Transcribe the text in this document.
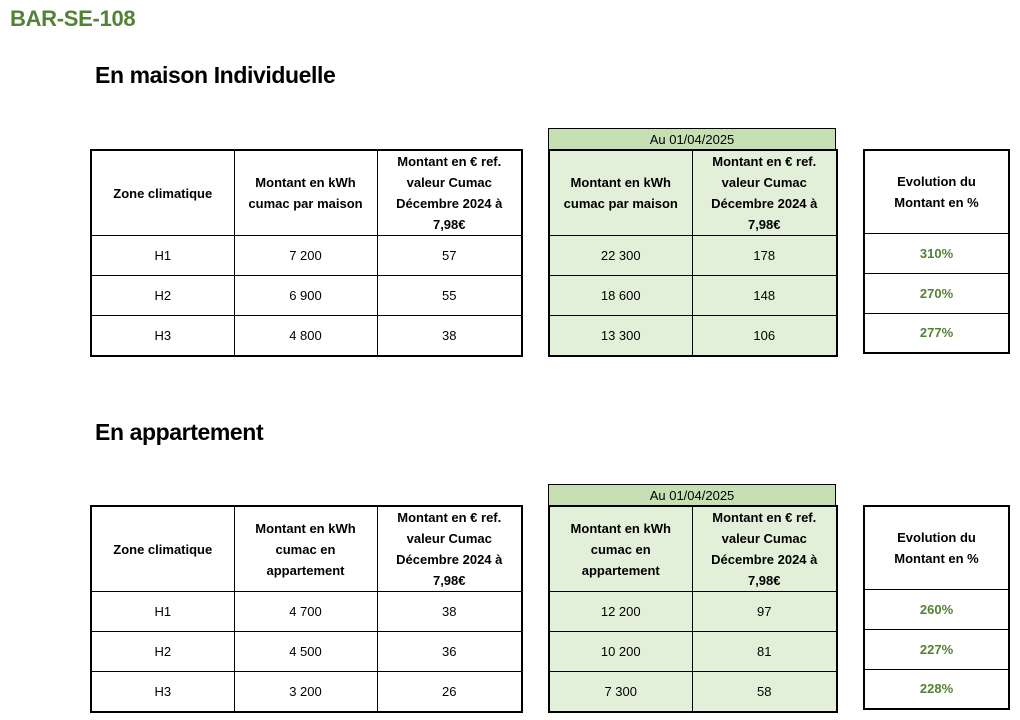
BAR-SE-108
En maison Individuelle
En appartement
Au 01/04/2025
Zone climatique	Montant en kWh cumac par maison	Montant en € ref. valeur Cumac Décembre 2024 à 7,98€
H1	7 200	57
H2	6 900	55
H3	4 800	38
Montant en kWh cumac par maison	Montant en € ref. valeur Cumac Décembre 2024 à 7,98€
22 300	178
18 600	148
13 300	106
Evolution du Montant en %
310%
270%
277%
Au 01/04/2025
Zone climatique	Montant en kWh cumac en appartement	Montant en € ref. valeur Cumac Décembre 2024 à 7,98€
H1	4 700	38
H2	4 500	36
H3	3 200	26
Montant en kWh cumac en appartement	Montant en € ref. valeur Cumac Décembre 2024 à 7,98€
12 200	97
10 200	81
7 300	58
Evolution du Montant en %
260%
227%
228%
